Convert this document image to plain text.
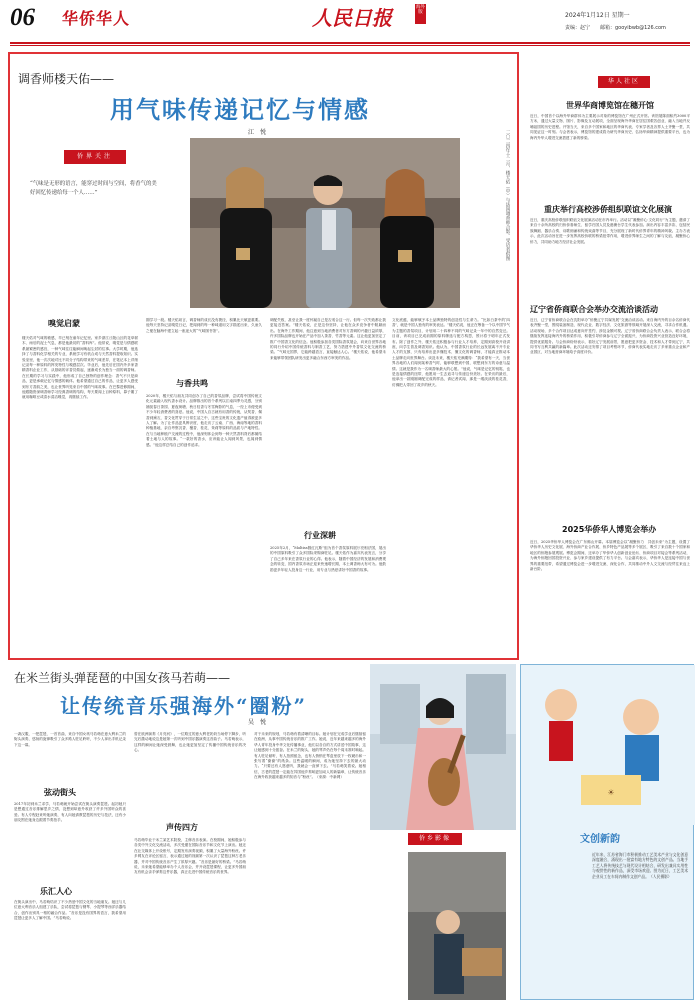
06 华侨华人	人民日报	海外版	2024年1月12日 星期一
责编：赵宁　　邮箱：gooyibwb@126.com
调香师楼天佑——
用气味传递记忆与情感
江　悦
侨界关注
“气味是无形的语言，能穿过时间与空间，将香气的美好回忆传递给每一个人……”	二〇二四年十二月，楼天佑（中）与法国调香师合影。受访者供图
嗅觉启蒙
楼天佑对气味的敏感，早已刻在童年记忆里。家乡浙江丘陵山区的花草树木、雨后的泥土气息，都是他最初的“香料库”。他常说，嗅觉是与情感联系最紧密的感官，一种气味往往能瞬间唤起尘封的往事。大学时期，他选择了与香料化学相关的专业，系统学习有机合成与天然香料提取知识。实验室里，他一次次地对比不同分子结构带来的气味差异，在笔记本上详细记录每一种原料的挥发特性与嗅感层次。毕业后，他先后在国内外多家香精香料企业工作，从基础的评香员做起，逐渐成长为独当一面的调香师。在长期的学习与实践中，他形成了自己独特的创作理念：香气不只是商品，更是承载记忆与情感的载体。他希望通过自己的作品，让更多人感受到东方香韵之美，也让世界听见来自中国的气味故事。在巴黎进修期间，他跟随资深调香师学习经典香调的结构，每天要闻上百种原料，鼻子累了就用咖啡豆或清水清洁嗅觉，再继续工作。
期学习一段。楼天佑坦言，调香师的成长没有捷径，积累比天赋更重要。他每天坚持记录嗅觉日记，把闻到的每一种味道用文字描述出来，久而久之便在脑海中建立起一座庞大的“气味图书馆”。
与香共鸣
2020年，楼天佑与朋友共同创办了自己的香氛品牌，尝试将中国传统文化元素融入现代香水设计。品牌推出的首个系列以江南四季为灵感，分别捕捉春日茶园、夏夜荷塘、秋日桂香与冬雪梅影的气息，一经上市便受到不少年轻消费者的喜爱。他说，中国人自古就有用香的传统，从焚香、佩香到熏衣，香文化贯穿于日常生活之中，这些宝贵的文化遗产值得被更多人了解。为了让作品更具辨识度，他走访了云南、广西、海南等地的香料种植基地，亲自考察沉香、檀香、桂花、茉莉等原料的品质与产地特性。在与当地种植户交流的过程中，他深刻体会到每一种天然香料背后都凝结着土地与人的故事。“一款好的香水，应该能让人闻到风景，也闻到情感。”他这样总结自己的创作追求。
调配失败，甚至让我一度怀疑自己是否适合这一行。但每一次失败都让我更接近答案。”楼天佑说，正是这份坚持，让他在众多竞争者中脱颖而出。在海外工作期间，他注意到当地消费者对东方香调的兴趣日益浓厚，许多国际品牌也开始在产品中加入茶香、竹香等元素。这让他更加坚定了推广中国香文化的信念。他积极参加各类国际香氛展会，向来自世界各地的同行介绍中国传统香料与制香工艺，努力搭建中外香氛文化交流的桥梁。“气味无国界，它能跨越语言，直接触达人心。”楼天佑说，他希望未来能够带领团队研发出更多融合东西方审美的作品。
行业深耕
2025年2月，“Moltiss圆红瓦斯”组为首个香氛原料展厅亮相法国，展出的中国原料吸引了众多国际采购商驻足。楼天佑作为嘉宾代表发言，分享了自己多年来在香氛行业的心得。他表示，随着中国经济的发展和消费观念的转变，国内香氛市场正迎来快速增长期，本土调香师大有可为。他鼓励更多年轻人投身这一行业，用专业与热爱讲好中国香的故事。
文化底蕴，能够赋予本土品牌独特的创造性与生命力。“比如白茶中的‘四香’，就是中国人独有的审美表达。”楼天佑说，他正在筹备一个以中国节气为主题的香氛项目，计划用二十四种不同的气味记录一年中的自然变迁。目前，该项目已完成前期的原料筛选与配方构思，预计将于明年正式发布。除了创作之外，楼天佑还积极参与行业人才培养，定期到高校开设讲座，向学生普及调香知识。他认为，中国香氛行业的长远发展离不开专业人才的支撑，只有培养出更多懂技术、懂文化的调香师，才能真正推动本土品牌走向世界舞台。谈及未来，楼天佑充满期待：“我希望有一天，当世界各地的人们闻到某种香气时，能够联想到中国，联想到东方的诗意与温情。这就是我作为一名调香师最大的心愿。”他说，气味是记忆的钥匙，也是连接情感的纽带，他愿用一生去追寻与传递这份美好。在采访的最后，他拿出一款刚刚调配完成的样品，请记者试闻，那是一缕淡淡的桂花香，仿佛把人带回了故乡的秋天。
华人社区
世界华商博览馆在穗开馆
近日，中国首个以海外华商群体为主要展示对象的博览馆在广州正式开馆。该馆展陈面积约3000平方米，通过大量文物、图片、影像及互动展项，全面呈现海外华商在居住国艰苦创业、融入当地并反哺祖国的历史进程。开馆当天，来自多个国家和地区的华商代表、专家学者及各界人士齐聚一堂，共同见证这一时刻。与会者表示，博览馆的建成将为研究华商历史、弘扬华商精神提供重要平台，也为海内外华人增进交流搭建了新的桥梁。
重庆举行高校涉侨组织联谊文化展演
近日，重庆高校侨联组织联谊文化展演活动在市内举行。活动以“凝聚侨心·文化同行”为主题，邀请了来自十余所高校的归侨侨眷师生、留学归国人员及港澳台学生代表参加。演出内容丰富多彩，包括民族舞蹈、器乐合奏、诗歌朗诵和传统戏曲等节目，充分展现了新时代侨界青年的精神风貌。主办方表示，此次活动旨在进一步发挥高校侨联的桥梁纽带作用，增进侨界师生之间的了解与友谊，凝聚侨心侨力，共同助力地方经济社会发展。
辽宁省侨商联合会举办交流洽谈活动
近日，辽宁省侨商联合会在沈阳举办“侨聚辽宁共谋发展”交流洽谈活动。来自海内外的百余名侨商代表齐聚一堂，围绕装备制造、现代农业、数字经济、文化旅游等领域开展深入交流，寻求合作机遇。活动现场，多个合作项目达成意向并签约，涉及金额可观。辽宁省侨商联合会负责人表示，联合会将继续发挥连接海内外的桥梁作用，积极引导侨商参与辽宁全面振兴，为侨商投资兴业营造良好环境，提供优质服务。与会侨商纷纷表示，看好辽宁发展前景，愿意把更多资金、技术和人才带到辽宁，共同书写互利共赢的新篇章。此次活动还安排了项目考察环节，侨商代表实地走访了多家重点企业和产业园区，对当地营商环境给予高度评价。
2025华侨华人博览会举办
近日，2025华侨华人博览会在广东佛山开幕。本届博览会以“凝聚侨力　共创未来”为主题，设置了华侨华人历史文化展、海外侨商产业合作展、侨乡特色产品展等多个展区，吸引了来自数十个国家和地区的侨胞参展观展。博览会期间，还举办了华侨华人创新创业论坛、侨商项目对接会等系列活动，为海外侨胞回国投资兴业、参与家乡建设提供了有力平台。与会嘉宾表示，华侨华人是连接中国与世界的重要纽带，希望通过博览会进一步增进交流、深化合作，共同推动中外人文交流与经贸往来迈上新台阶。
在米兰街头弹琵琶的中国女孩马若萌——
让传统音乐强海外“圈粉”
吴　悦
一袭汉服，一把琵琶，一首首曲，来自中国女孩马若萌在意大利米兰的街头演奏，悠扬的旋律吸引了众多路人驻足聆听，不少人拿出手机记录下这一幕。
弦动街头
2017年初到米兰求学，马若萌就开始尝试在街头演奏琵琶。起初她只是想通过音乐排解思乡之情，没想到却意外收获了许多外国听众的喜爱。有人专程赶来听她演奏，有人向她请教琵琶的历史与技法，还有小朋友围在她身边跟着节奏拍手。
乐汇人心
在街头演出中，马若萌结识了不少热爱中国文化的当地朋友。她还与几位意大利音乐人组建了乐队，尝试将琵琶与钢琴、小提琴等西洋乐器结合，创作出别具一格的融合作品。“音乐是没有国界的语言，我希望用琵琶让更多人了解中国。”马若萌说。
曾在欧洲演奏《月亮河》，一位路过的意大利老奶奶当场停下脚步，听完后激动地说这是她第一次听到中国乐器演奏这首曲子。马若萌表示，这样的瞬间让她深受鼓舞，也让她更加坚定了传播中国传统音乐的决心。
声传四方
马若萌毕业于米兰某艺术院校，主修音乐表演。在校期间，她积极参与各类中外文化交流活动，多次受邀在国际音乐节和文化节上演出。她还在社交媒体上开设账号，定期发布演奏视频，积累了大量海外粉丝。许多网友在评论区留言，表示通过她的视频第一次认识了琵琶这种古老乐器，并对中国传统音乐产生了浓厚兴趣。“音乐是最好的桥梁。”马若萌说，未来她希望能够举办个人音乐会，并开设琵琶课程，让更多外国朋友有机会亲手弹奏这件乐器，真正走进中国传统音乐的世界。
对于未来的规划，马若萌有着清晰的目标。她计划在完成学业后继续留在欧洲，从事中国传统音乐的推广工作。她说，近年来越来越多的海外华人青年投身中华文化传播事业，他们以各自的方式讲述中国故事，这让她感到十分振奋。在米兰的街头，她的琴声仍在每个周末准时响起。有人驻足倾听，有人拍照留念，也有人悄悄在琴盒里放下一枚硬币和一张写着“谢谢”的纸条。这些温暖的瞬间，成为她坚持下去的最大动力。“只要还有人愿意听，我就会一直弹下去。”马若萌笑着说。她相信，古老的琵琶一定能在异国他乡奏响更加动人的新篇章，让传统音乐在海外收获越来越多的知音与“粉丝”。（来源：中新网）
☀
侨乡影像	文创新韵
近年来，江苏省海门市积极推动工艺美术产业与文化创意深度融合，涌现出一批富有地方特色的文创产品。当地手工艺人将传统技艺与现代设计相结合，研发出兼具实用性与观赏性的新作品，深受市场欢迎。图为近日，工艺美术企业员工在车间内制作文创产品。（人民摄影）
